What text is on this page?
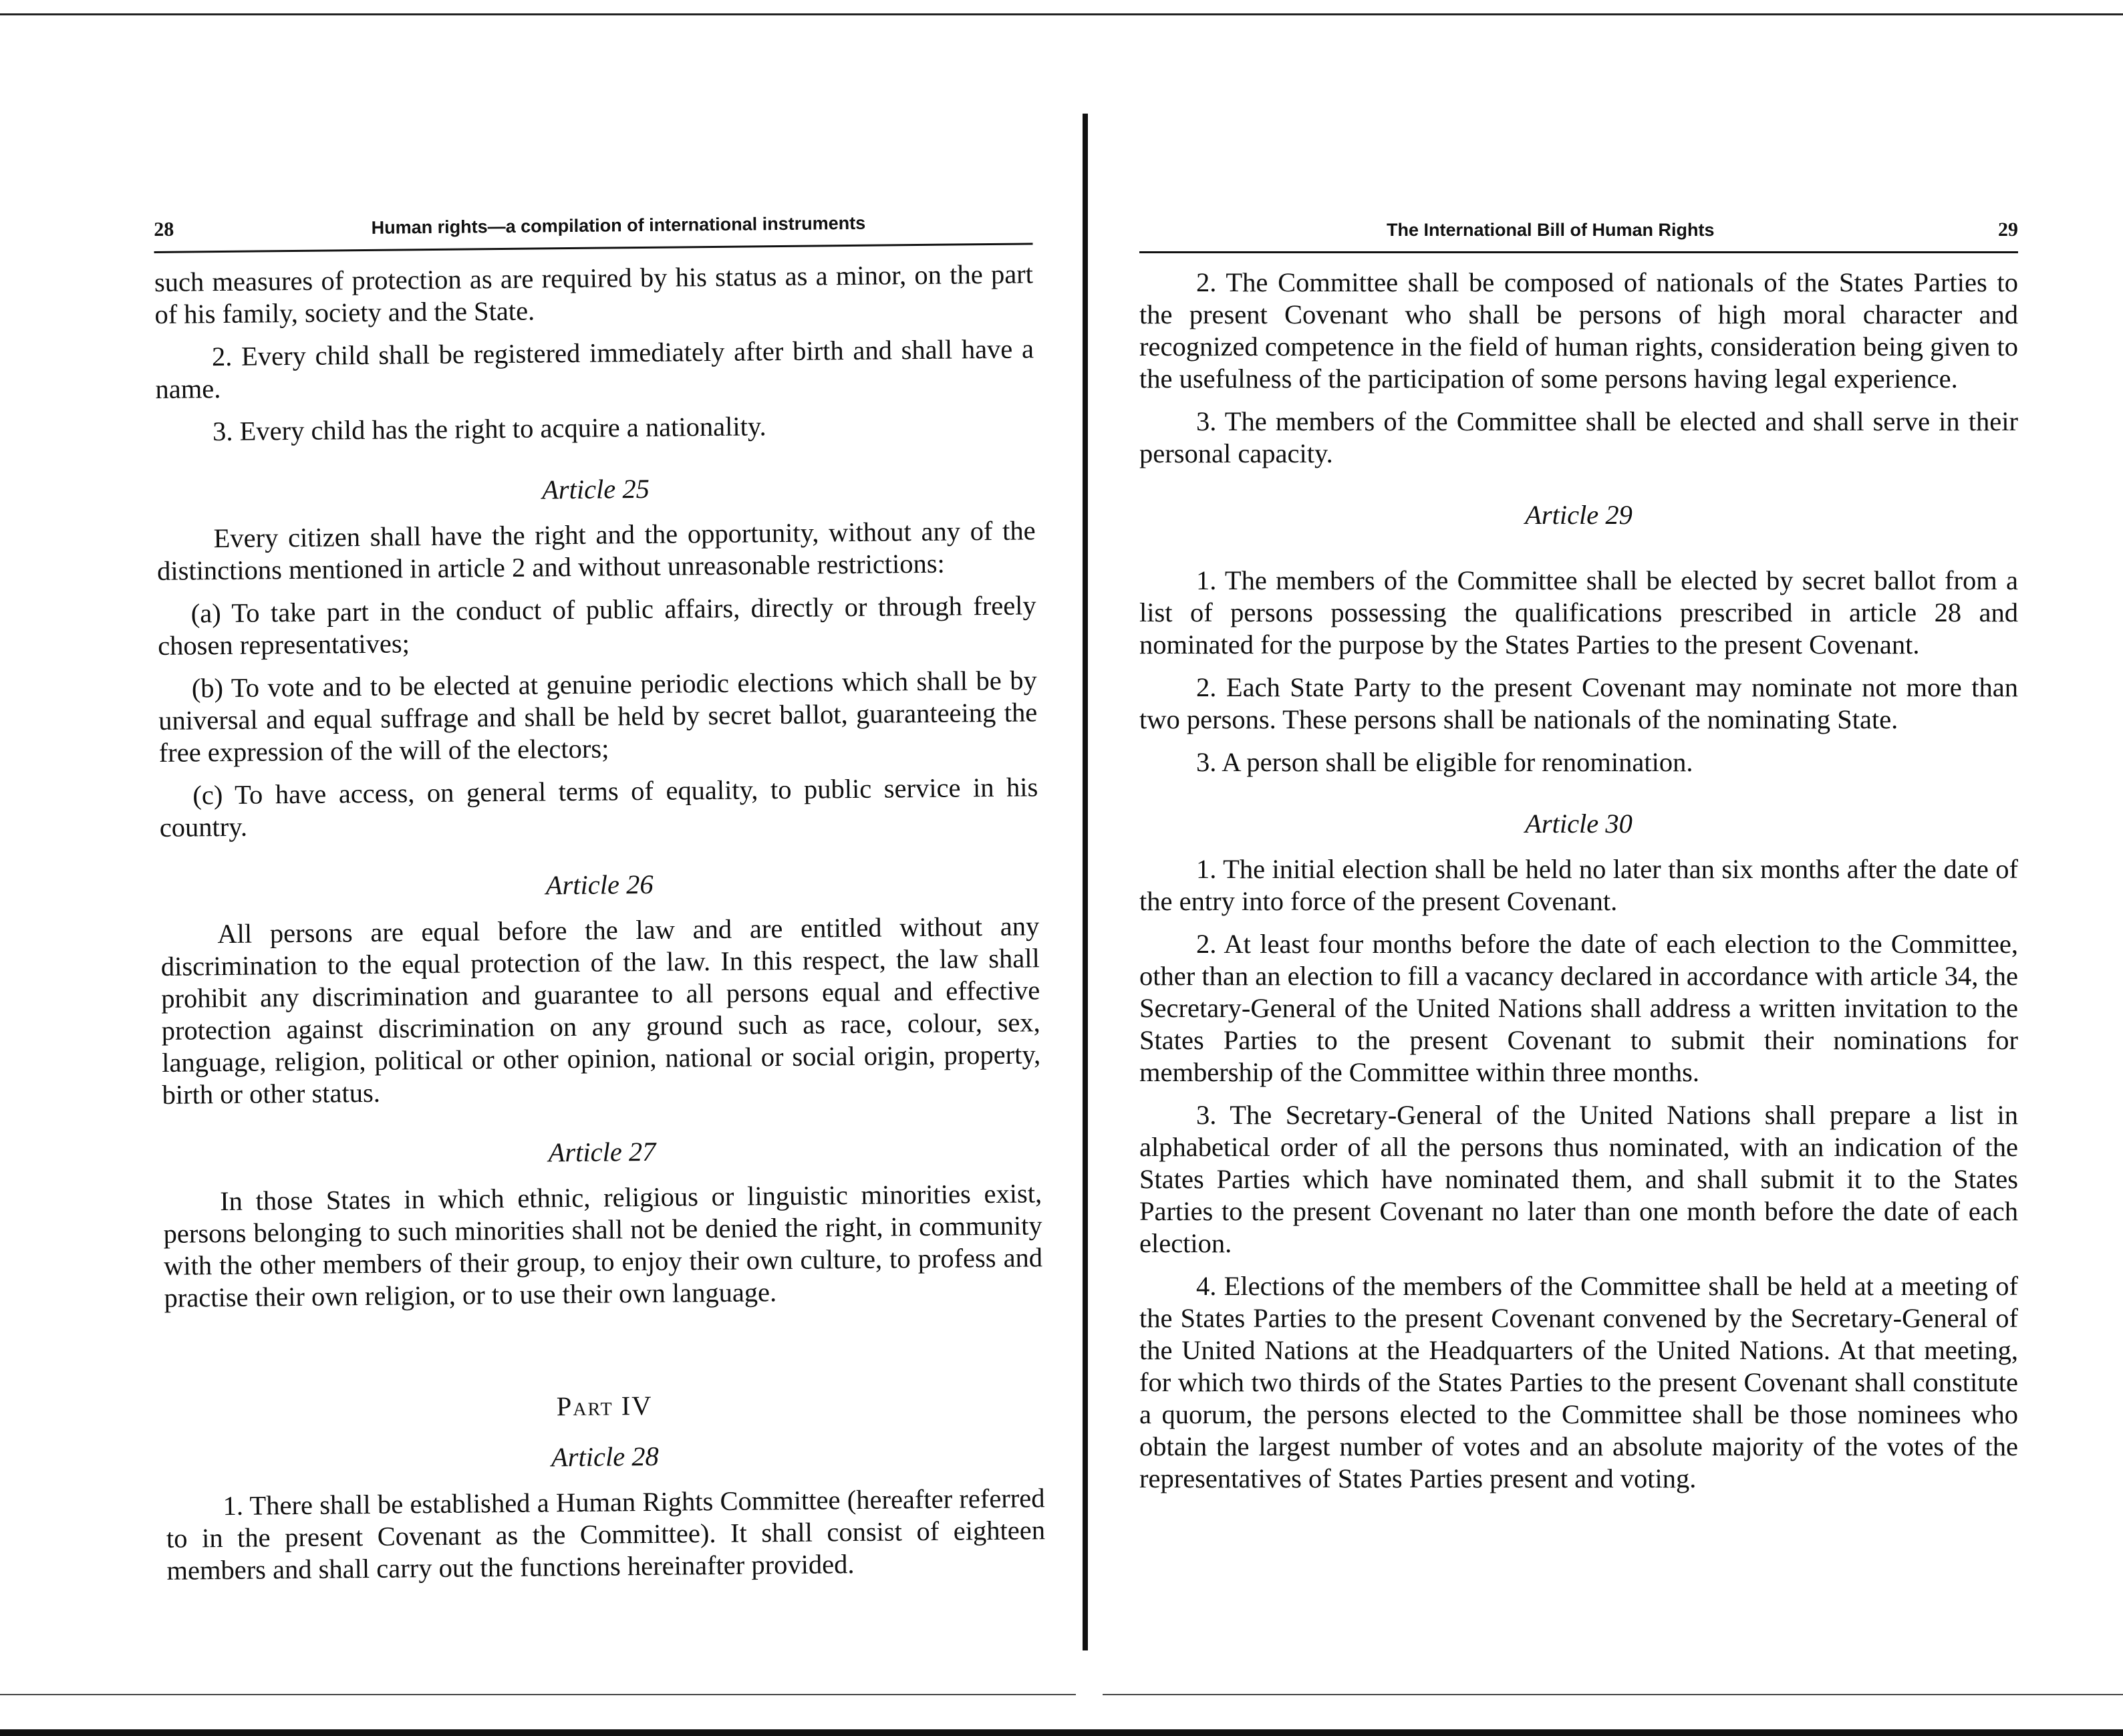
28	Human rights—a compilation of international instruments

such measures of protection as are required by his status as a minor, on the part of his family, society and the State.

2. Every child shall be registered immediately after birth and shall have a name.

3. Every child has the right to acquire a nationality.

Article 25

Every citizen shall have the right and the opportunity, without any of the distinctions mentioned in article 2 and without unreasonable restrictions:

(a) To take part in the conduct of public affairs, directly or through freely chosen representatives;

(b) To vote and to be elected at genuine periodic elections which shall be by universal and equal suffrage and shall be held by secret ballot, guaranteeing the free expression of the will of the electors;

(c) To have access, on general terms of equality, to public service in his country.

Article 26

All persons are equal before the law and are entitled without any discrimination to the equal protection of the law. In this respect, the law shall prohibit any discrimination and guarantee to all persons equal and effective protection against discrimination on any ground such as race, colour, sex, language, religion, political or other opinion, national or social origin, property, birth or other status.

Article 27

In those States in which ethnic, religious or linguistic minorities exist, persons belonging to such minorities shall not be denied the right, in community with the other members of their group, to enjoy their own culture, to profess and practise their own religion, or to use their own language.

Part IV
Article 28

1. There shall be established a Human Rights Committee (hereafter referred to in the present Covenant as the Committee). It shall consist of eighteen members and shall carry out the functions hereinafter provided.

The International Bill of Human Rights	29

2. The Committee shall be composed of nationals of the States Parties to the present Covenant who shall be persons of high moral character and recognized competence in the field of human rights, consideration being given to the usefulness of the participation of some persons having legal experience.

3. The members of the Committee shall be elected and shall serve in their personal capacity.

Article 29

1. The members of the Committee shall be elected by secret ballot from a list of persons possessing the qualifications prescribed in article 28 and nominated for the purpose by the States Parties to the present Covenant.

2. Each State Party to the present Covenant may nominate not more than two persons. These persons shall be nationals of the nominating State.

3. A person shall be eligible for renomination.

Article 30

1. The initial election shall be held no later than six months after the date of the entry into force of the present Covenant.

2. At least four months before the date of each election to the Committee, other than an election to fill a vacancy declared in accordance with article 34, the Secretary-General of the United Nations shall address a written invitation to the States Parties to the present Covenant to submit their nominations for membership of the Committee within three months.

3. The Secretary-General of the United Nations shall prepare a list in alphabetical order of all the persons thus nominated, with an indication of the States Parties which have nominated them, and shall submit it to the States Parties to the present Covenant no later than one month before the date of each election.

4. Elections of the members of the Committee shall be held at a meeting of the States Parties to the present Covenant convened by the Secretary-General of the United Nations at the Headquarters of the United Nations. At that meeting, for which two thirds of the States Parties to the present Covenant shall constitute a quorum, the persons elected to the Committee shall be those nominees who obtain the largest number of votes and an absolute majority of the votes of the representatives of States Parties present and voting.
